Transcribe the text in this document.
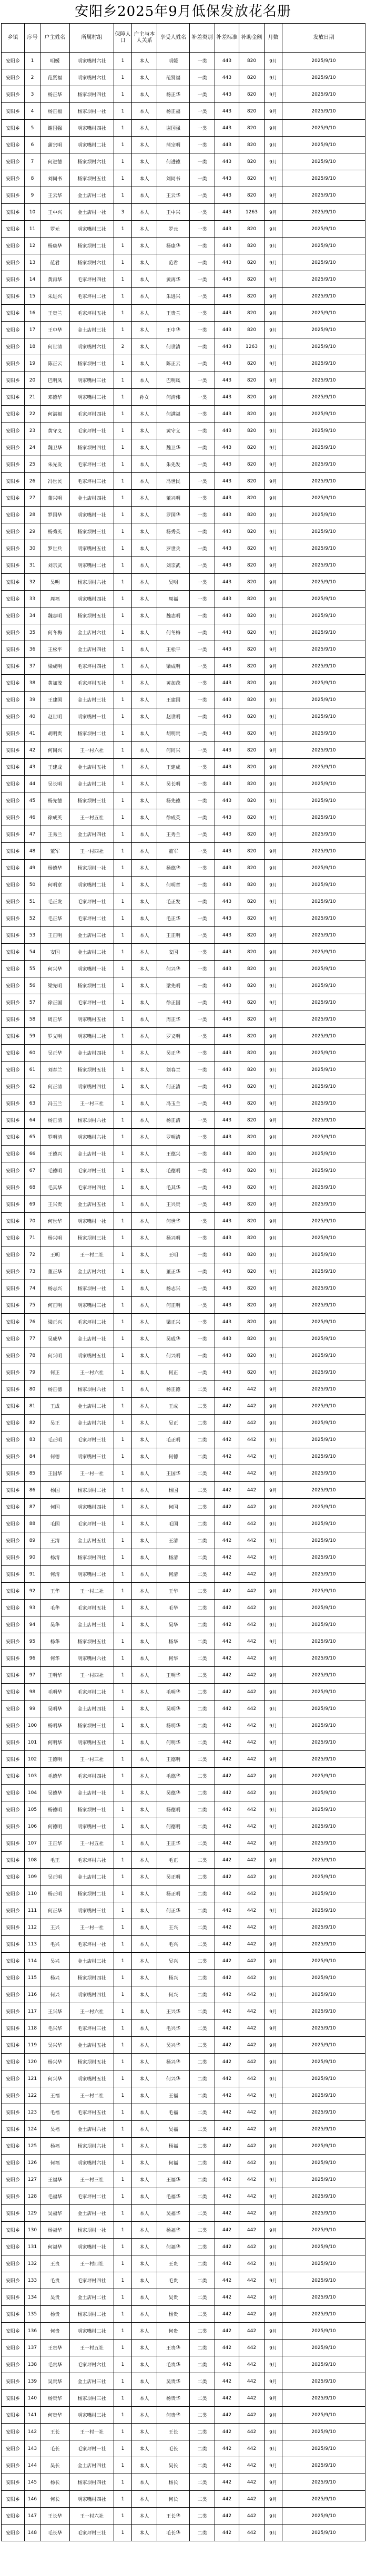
安阳乡2025年9月低保发放花名册
乡镇	序号	户主姓名	所属村组	保障人口	户主与本人关系	享受人姓名	补差类别	补差标准	补助金额	月数	发放日期
安阳乡	1	明媛	明家嘴村六社	1	本人	明媛	一类	443	820	9月	2025/9/10
安阳乡	2	范贤福	明家嘴村六社	1	本人	范贤福	一类	443	820	9月	2025/9/10
安阳乡	3	杨正华	杨家坝村四社	1	本人	杨正华	一类	443	820	9月	2025/9/10
安阳乡	4	杨正福	杨家坝村一社	1	本人	杨正福	一类	443	820	9月	2025/9/10
安阳乡	5	谢国强	明家嘴村四社	1	本人	谢国强	一类	443	820	9月	2025/9/10
安阳乡	6	蒲宗明	明家嘴村二社	1	本人	蒲宗明	一类	443	820	9月	2025/9/10
安阳乡	7	何进德	杨家坝村六社	1	本人	何进德	一类	443	820	9月	2025/9/10
安阳乡	8	刘同书	杨家坝村五社	1	本人	刘同书	一类	443	820	9月	2025/9/10
安阳乡	9	王云华	金土店村二社	1	本人	王云华	一类	443	820	9月	2025/9/10
安阳乡	10	王中兴	金土店村一社	3	本人	王中兴	一类	443	1263	9月	2025/9/10
安阳乡	11	罗元	明家嘴村三社	1	本人	罗元	一类	443	820	9月	2025/9/10
安阳乡	12	杨康华	杨家坝村二社	1	本人	杨康华	一类	443	820	9月	2025/9/10
安阳乡	13	范君	杨家坝村六社	1	本人	范君	一类	443	820	9月	2025/9/10
安阳乡	14	黄再华	毛家坪村四社	1	本人	黄再华	一类	443	820	9月	2025/9/10
安阳乡	15	朱进兴	毛家坪村二社	1	本人	朱进兴	一类	443	820	9月	2025/9/10
安阳乡	16	王贵兰	毛家坪村五社	1	本人	王贵兰	一类	443	820	9月	2025/9/10
安阳乡	17	王中华	金土店村三社	1	本人	王中华	一类	443	820	9月	2025/9/10
安阳乡	18	何世清	明家嘴村六社	2	本人	何世清	一类	443	1263	9月	2025/9/10
安阳乡	19	陈正云	杨家坝村二社	1	本人	陈正云	一类	443	820	9月	2025/9/10
安阳乡	20	巴明凤	明家嘴村三社	1	本人	巴明凤	一类	443	820	9月	2025/9/10
安阳乡	21	邓德华	明家嘴村三社	1	孙女	何清伟	一类	443	820	9月	2025/9/10
安阳乡	22	何满福	毛家坪村四社	1	本人	何满福	一类	443	820	9月	2025/9/10
安阳乡	23	黄守义	毛家坪村一社	1	本人	黄守义	一类	443	820	9月	2025/9/10
安阳乡	24	魏卫华	杨家坝村四社	1	本人	魏卫华	一类	443	820	9月	2025/9/10
安阳乡	25	朱先发	毛家坪村二社	1	本人	朱先发	一类	443	820	9月	2025/9/10
安阳乡	26	冯世民	毛家坪村三社	1	本人	冯世民	一类	443	820	9月	2025/9/10
安阳乡	27	董兴明	金土店村四社	1	本人	董兴明	一类	443	820	9月	2025/9/10
安阳乡	28	罗国华	明家嘴村一社	1	本人	罗国华	一类	443	820	9月	2025/9/10
安阳乡	29	杨秀英	杨家坝村三社	1	本人	杨秀英	一类	443	820	9月	2025/9/10
安阳乡	30	罗世兵	明家嘴村五社	1	本人	罗世兵	一类	443	820	9月	2025/9/10
安阳乡	31	刘宗武	明家嘴村二社	1	本人	刘宗武	一类	443	820	9月	2025/9/10
安阳乡	32	吴明	杨家坝村六社	1	本人	吴明	一类	443	820	9月	2025/9/10
安阳乡	33	周福	明家嘴村四社	1	本人	周福	一类	443	820	9月	2025/9/10
安阳乡	34	魏志明	杨家坝村五社	1	本人	魏志明	一类	443	820	9月	2025/9/10
安阳乡	35	何冬梅	金土店村六社	1	本人	何冬梅	一类	443	820	9月	2025/9/10
安阳乡	36	王松平	金土店村四社	1	本人	王松平	一类	443	820	9月	2025/9/10
安阳乡	37	梁成明	毛家坪村四社	1	本人	梁成明	一类	443	820	9月	2025/9/10
安阳乡	38	黄加茂	毛家坪村五社	1	本人	黄加茂	一类	443	820	9月	2025/9/10
安阳乡	39	王建国	金土店村三社	1	本人	王建国	一类	443	820	9月	2025/9/10
安阳乡	40	赵世明	明家嘴村一社	1	本人	赵世明	一类	443	820	9月	2025/9/10
安阳乡	41	胡明贵	杨家坝村二社	1	本人	胡明贵	一类	443	820	9月	2025/9/10
安阳乡	42	何同兴	王一村六社	1	本人	何同兴	一类	443	820	9月	2025/9/10
安阳乡	43	王建成	金土店村五社	1	本人	王建成	一类	443	820	9月	2025/9/10
安阳乡	44	吴长明	金土店村二社	1	本人	吴长明	一类	443	820	9月	2025/9/10
安阳乡	45	杨先德	杨家坝村三社	1	本人	杨先德	一类	443	820	9月	2025/9/10
安阳乡	46	徐成英	王一村五社	1	本人	徐成英	一类	443	820	9月	2025/9/10
安阳乡	47	王秀兰	金土店村四社	1	本人	王秀兰	一类	443	820	9月	2025/9/10
安阳乡	48	董军	王一村四社	1	本人	董军	一类	443	820	9月	2025/9/10
安阳乡	49	杨德华	杨家坝村一社	1	本人	杨德华	一类	443	820	9月	2025/9/10
安阳乡	50	何明章	明家嘴村二社	1	本人	何明章	一类	443	820	9月	2025/9/10
安阳乡	51	毛正发	毛家坪村一社	1	本人	毛正发	一类	443	820	9月	2025/9/10
安阳乡	52	毛正华	毛家坪村二社	1	本人	毛正华	一类	443	820	9月	2025/9/10
安阳乡	53	王正明	金土店村三社	1	本人	王正明	一类	443	820	9月	2025/9/10
安阳乡	54	安国	金土店村二社	1	本人	安国	一类	443	820	9月	2025/9/10
安阳乡	55	何兴华	明家嘴村一社	1	本人	何兴华	一类	443	820	9月	2025/9/10
安阳乡	56	梁先明	杨家坝村二社	1	本人	梁先明	一类	443	820	9月	2025/9/10
安阳乡	57	徐正国	毛家坪村一社	1	本人	徐正国	一类	443	820	9月	2025/9/10
安阳乡	58	周正华	明家嘴村五社	1	本人	周正华	一类	443	820	9月	2025/9/10
安阳乡	59	罗义明	明家嘴村二社	1	本人	罗义明	一类	443	820	9月	2025/9/10
安阳乡	60	吴正华	金土店村四社	1	本人	吴正华	一类	443	820	9月	2025/9/10
安阳乡	61	刘春兰	杨家坝村五社	1	本人	刘春兰	一类	443	820	9月	2025/9/10
安阳乡	62	何正清	明家嘴村四社	1	本人	何正清	一类	443	820	9月	2025/9/10
安阳乡	63	冯玉兰	王一村三社	1	本人	冯玉兰	一类	443	820	9月	2025/9/10
安阳乡	64	杨正清	杨家坝村六社	1	本人	杨正清	一类	443	820	9月	2025/9/10
安阳乡	65	罗明清	明家嘴村六社	1	本人	罗明清	一类	443	820	9月	2025/9/10
安阳乡	66	王德兴	金土店村一社	1	本人	王德兴	一类	443	820	9月	2025/9/10
安阳乡	67	毛德明	毛家坪村三社	1	本人	毛德明	一类	443	820	9月	2025/9/10
安阳乡	68	毛其华	毛家坪村四社	1	本人	毛其华	一类	443	820	9月	2025/9/10
安阳乡	69	王兴贵	金土店村五社	1	本人	王兴贵	一类	443	820	9月	2025/9/10
安阳乡	70	何世华	明家嘴村一社	1	本人	何世华	一类	443	820	9月	2025/9/10
安阳乡	71	杨兴明	杨家坝村三社	1	本人	杨兴明	一类	443	820	9月	2025/9/10
安阳乡	72	王明	王一村二社	1	本人	王明	一类	443	820	9月	2025/9/10
安阳乡	73	董正华	金土店村六社	1	本人	董正华	一类	443	820	9月	2025/9/10
安阳乡	74	杨志兴	杨家坝村一社	1	本人	杨志兴	一类	443	820	9月	2025/9/10
安阳乡	75	何正明	明家嘴村三社	1	本人	何正明	一类	443	820	9月	2025/9/10
安阳乡	76	梁正兴	毛家坪村二社	1	本人	梁正兴	一类	443	820	9月	2025/9/10
安阳乡	77	吴成华	金土店村一社	1	本人	吴成华	一类	443	820	9月	2025/9/10
安阳乡	78	何兴明	明家嘴村五社	1	本人	何兴明	一类	443	820	9月	2025/9/10
安阳乡	79	何正	王一村六社	1	本人	何正	一类	443	820	9月	2025/9/10
安阳乡	80	杨正德	杨家坝村六社	1	本人	杨正德	二类	442	442	9月	2025/9/10
安阳乡	81	王成	金土店村二社	1	本人	王成	二类	442	442	9月	2025/9/10
安阳乡	82	吴正	金土店村六社	1	本人	吴正	二类	442	442	9月	2025/9/10
安阳乡	83	毛正明	毛家坪村三社	1	本人	毛正明	二类	442	442	9月	2025/9/10
安阳乡	84	何德	明家嘴村三社	1	本人	何德	二类	442	442	9月	2025/9/10
安阳乡	85	王国华	王一村一社	1	本人	王国华	二类	442	442	9月	2025/9/10
安阳乡	86	杨国	杨家坝村二社	1	本人	杨国	二类	442	442	9月	2025/9/10
安阳乡	87	何国	明家嘴村四社	1	本人	何国	二类	442	442	9月	2025/9/10
安阳乡	88	毛国	毛家坪村一社	1	本人	毛国	二类	442	442	9月	2025/9/10
安阳乡	89	王清	金土店村五社	1	本人	王清	二类	442	442	9月	2025/9/10
安阳乡	90	杨清	杨家坝村四社	1	本人	杨清	二类	442	442	9月	2025/9/10
安阳乡	91	何清	明家嘴村二社	1	本人	何清	二类	442	442	9月	2025/9/10
安阳乡	92	王华	王一村二社	1	本人	王华	二类	442	442	9月	2025/9/10
安阳乡	93	毛华	毛家坪村五社	1	本人	毛华	二类	442	442	9月	2025/9/10
安阳乡	94	吴华	金土店村三社	1	本人	吴华	二类	442	442	9月	2025/9/10
安阳乡	95	杨华	杨家坝村五社	1	本人	杨华	二类	442	442	9月	2025/9/10
安阳乡	96	何华	明家嘴村六社	1	本人	何华	二类	442	442	9月	2025/9/10
安阳乡	97	王明华	王一村四社	1	本人	王明华	二类	442	442	9月	2025/9/10
安阳乡	98	毛明华	毛家坪村二社	1	本人	毛明华	二类	442	442	9月	2025/9/10
安阳乡	99	吴明华	金土店村四社	1	本人	吴明华	二类	442	442	9月	2025/9/10
安阳乡	100	杨明华	杨家坝村三社	1	本人	杨明华	二类	442	442	9月	2025/9/10
安阳乡	101	何明华	明家嘴村五社	1	本人	何明华	二类	442	442	9月	2025/9/10
安阳乡	102	王德明	王一村三社	1	本人	王德明	二类	442	442	9月	2025/9/10
安阳乡	103	毛德华	毛家坪村四社	1	本人	毛德华	二类	442	442	9月	2025/9/10
安阳乡	104	吴德华	金土店村一社	1	本人	吴德华	二类	442	442	9月	2025/9/10
安阳乡	105	杨德明	杨家坝村一社	1	本人	杨德明	二类	442	442	9月	2025/9/10
安阳乡	106	何德明	明家嘴村一社	1	本人	何德明	二类	442	442	9月	2025/9/10
安阳乡	107	王正华	王一村五社	1	本人	王正华	二类	442	442	9月	2025/9/10
安阳乡	108	毛正	毛家坪村六社	1	本人	毛正	二类	442	442	9月	2025/9/10
安阳乡	109	吴正明	金土店村二社	1	本人	吴正明	二类	442	442	9月	2025/9/10
安阳乡	110	杨正明	杨家坝村二社	1	本人	杨正明	二类	442	442	9月	2025/9/10
安阳乡	111	何正华	明家嘴村三社	1	本人	何正华	二类	442	442	9月	2025/9/10
安阳乡	112	王兴	王一村一社	1	本人	王兴	二类	442	442	9月	2025/9/10
安阳乡	113	毛兴	毛家坪村一社	1	本人	毛兴	二类	442	442	9月	2025/9/10
安阳乡	114	吴兴	金土店村三社	1	本人	吴兴	二类	442	442	9月	2025/9/10
安阳乡	115	杨兴	杨家坝村四社	1	本人	杨兴	二类	442	442	9月	2025/9/10
安阳乡	116	何兴	明家嘴村四社	1	本人	何兴	二类	442	442	9月	2025/9/10
安阳乡	117	王兴华	王一村六社	1	本人	王兴华	二类	442	442	9月	2025/9/10
安阳乡	118	毛兴华	毛家坪村三社	1	本人	毛兴华	二类	442	442	9月	2025/9/10
安阳乡	119	吴兴华	金土店村五社	1	本人	吴兴华	二类	442	442	9月	2025/9/10
安阳乡	120	杨兴华	杨家坝村五社	1	本人	杨兴华	二类	442	442	9月	2025/9/10
安阳乡	121	何兴华	明家嘴村五社	1	本人	何兴华	二类	442	442	9月	2025/9/10
安阳乡	122	王福	王一村二社	1	本人	王福	二类	442	442	9月	2025/9/10
安阳乡	123	毛福	毛家坪村五社	1	本人	毛福	二类	442	442	9月	2025/9/10
安阳乡	124	吴福	金土店村六社	1	本人	吴福	二类	442	442	9月	2025/9/10
安阳乡	125	杨福	杨家坝村六社	1	本人	杨福	二类	442	442	9月	2025/9/10
安阳乡	126	何福	明家嘴村六社	1	本人	何福	二类	442	442	9月	2025/9/10
安阳乡	127	王福华	王一村三社	1	本人	王福华	二类	442	442	9月	2025/9/10
安阳乡	128	毛福华	毛家坪村二社	1	本人	毛福华	二类	442	442	9月	2025/9/10
安阳乡	129	吴福华	金土店村一社	1	本人	吴福华	二类	442	442	9月	2025/9/10
安阳乡	130	杨福华	杨家坝村一社	1	本人	杨福华	二类	442	442	9月	2025/9/10
安阳乡	131	何福华	明家嘴村一社	1	本人	何福华	二类	442	442	9月	2025/9/10
安阳乡	132	王贵	王一村四社	1	本人	王贵	二类	442	442	9月	2025/9/10
安阳乡	133	毛贵	毛家坪村四社	1	本人	毛贵	二类	442	442	9月	2025/9/10
安阳乡	134	吴贵	金土店村二社	1	本人	吴贵	二类	442	442	9月	2025/9/10
安阳乡	135	杨贵	杨家坝村二社	1	本人	杨贵	二类	442	442	9月	2025/9/10
安阳乡	136	何贵	明家嘴村二社	1	本人	何贵	二类	442	442	9月	2025/9/10
安阳乡	137	王贵华	王一村五社	1	本人	王贵华	二类	442	442	9月	2025/9/10
安阳乡	138	毛贵华	毛家坪村六社	1	本人	毛贵华	二类	442	442	9月	2025/9/10
安阳乡	139	吴贵华	金土店村三社	1	本人	吴贵华	二类	442	442	9月	2025/9/10
安阳乡	140	杨贵华	杨家坝村三社	1	本人	杨贵华	二类	442	442	9月	2025/9/10
安阳乡	141	何贵华	明家嘴村三社	1	本人	何贵华	二类	442	442	9月	2025/9/10
安阳乡	142	王长	王一村一社	1	本人	王长	二类	442	442	9月	2025/9/10
安阳乡	143	毛长	毛家坪村一社	1	本人	毛长	二类	442	442	9月	2025/9/10
安阳乡	144	吴长	金土店村四社	1	本人	吴长	二类	442	442	9月	2025/9/10
安阳乡	145	杨长	杨家坝村四社	1	本人	杨长	二类	442	442	9月	2025/9/10
安阳乡	146	何长	明家嘴村四社	1	本人	何长	二类	442	442	9月	2025/9/10
安阳乡	147	王长华	王一村六社	1	本人	王长华	二类	442	442	9月	2025/9/10
安阳乡	148	毛长华	毛家坪村三社	1	本人	毛长华	二类	442	442	9月	2025/9/10
